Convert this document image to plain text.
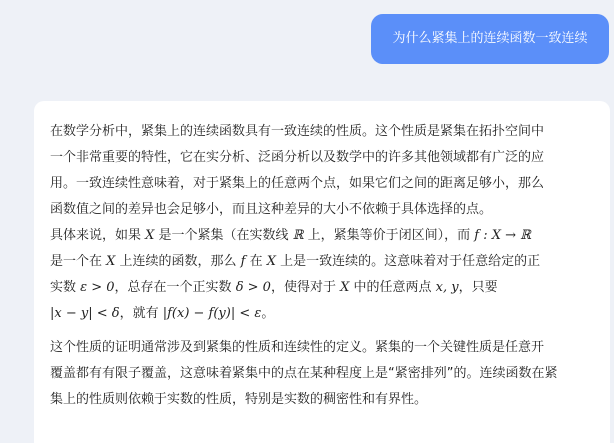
为什么紧集上的连续函数一致连续
在数学分析中，紧集上的连续函数具有一致连续的性质。这个性质是紧集在拓扑空间中
一个非常重要的特性，它在实分析、泛函分析以及数学中的许多其他领域都有广泛的应
用。一致连续性意味着，对于紧集上的任意两个点，如果它们之间的距离足够小，那么
函数值之间的差异也会足够小，而且这种差异的大小不依赖于具体选择的点。
具体来说，如果 X 是一个紧集（在实数线 ℝ 上，紧集等价于闭区间），而 f : X → ℝ
是一个在 X 上连续的函数，那么 f 在 X 上是一致连续的。这意味着对于任意给定的正
实数 ε > 0，总存在一个正实数 δ > 0，使得对于 X 中的任意两点 x, y，只要
|x − y| < δ，就有 |f(x) − f(y)| < ε。
这个性质的证明通常涉及到紧集的性质和连续性的定义。紧集的一个关键性质是任意开
覆盖都有有限子覆盖，这意味着紧集中的点在某种程度上是“紧密排列”的。连续函数在紧
集上的性质则依赖于实数的性质，特别是实数的稠密性和有界性。
